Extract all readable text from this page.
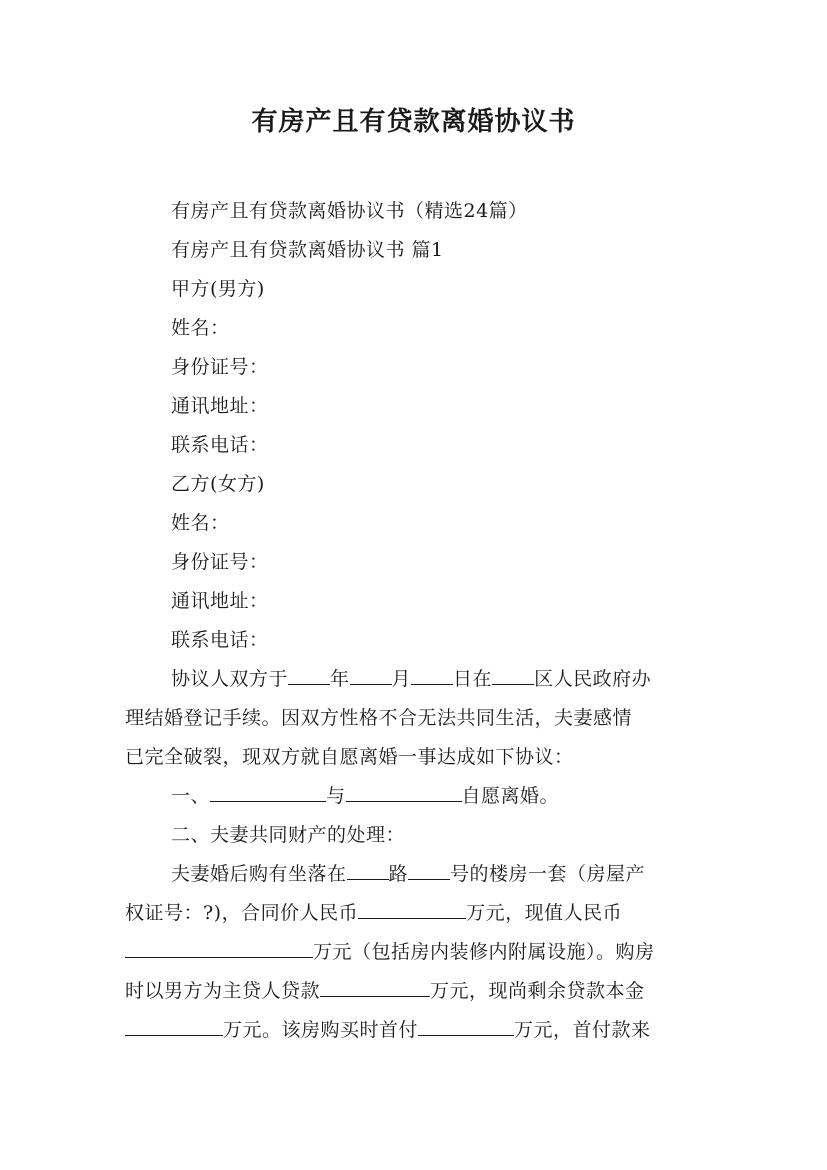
有房产且有贷款离婚协议书
有房产且有贷款离婚协议书（精选24篇）
有房产且有贷款离婚协议书 篇1
甲方(男方)
姓名：
身份证号：
通讯地址：
联系电话：
乙方(女方)
姓名：
身份证号：
通讯地址：
联系电话：
协议人双方于 年 月 日在 区人民政府办
理结婚登记手续。因双方性格不合无法共同生活，夫妻感情
已完全破裂，现双方就自愿离婚一事达成如下协议：
一、	与	自愿离婚。
二、夫妻共同财产的处理：
夫妻婚后购有坐落在 路 号的楼房一套（房屋产
权证号：?)，合同价人民币	万元，现值人民币
万元（包括房内装修内附属设施）。购房
时以男方为主贷人贷款	万元，现尚剩余贷款本金
万元。该房购买时首付	万元，首付款来
